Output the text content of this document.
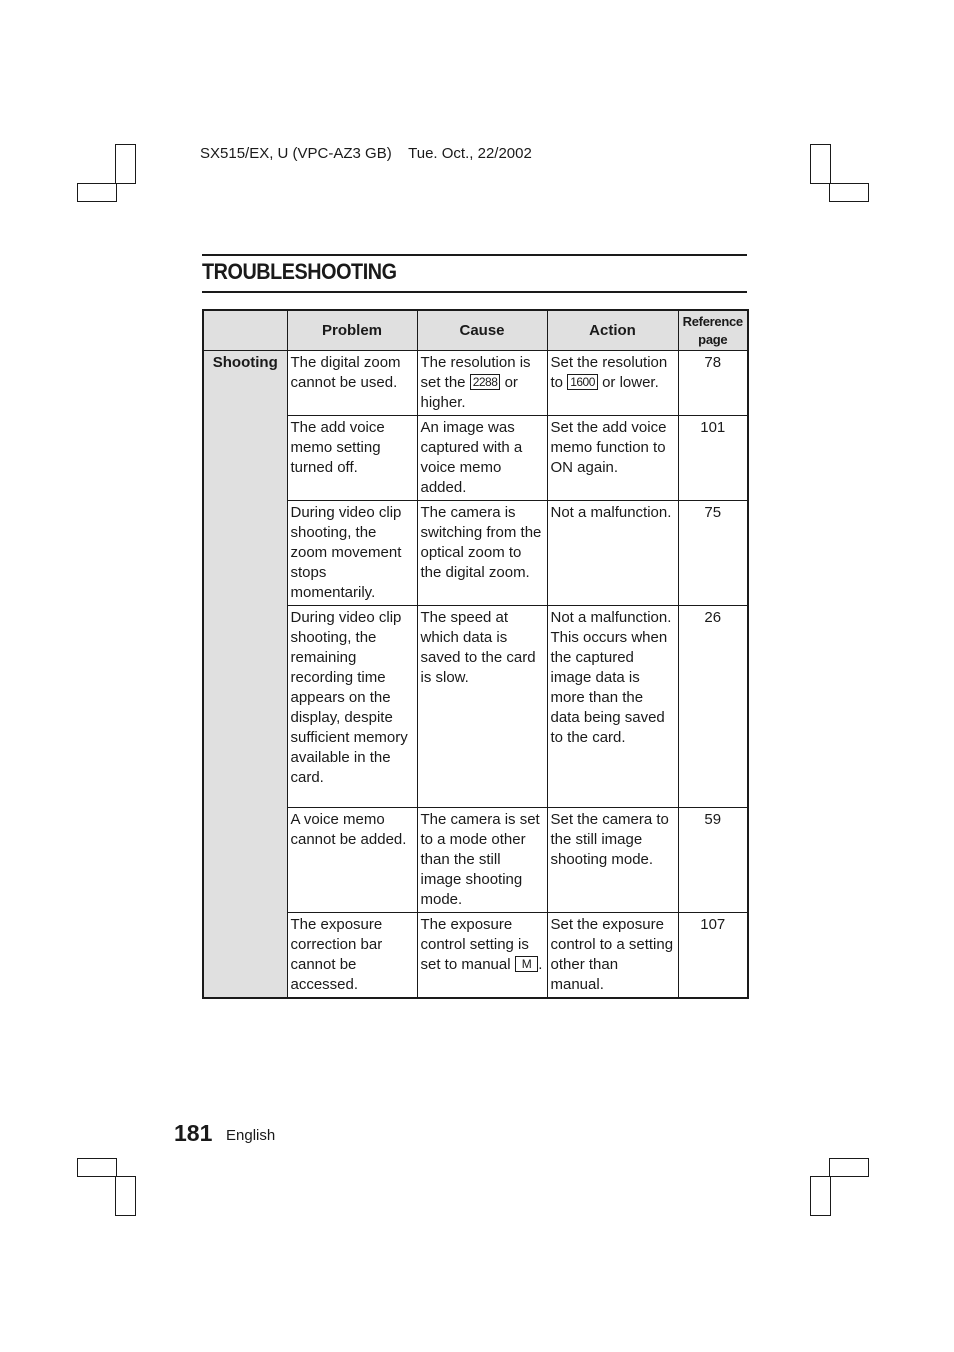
SX515/EX, U (VPC-AZ3 GB) Tue. Oct., 22/2002
TROUBLESHOOTING
	Problem	Cause	Action	Reference
page
Shooting	The digital zoom cannot be used.	The resolution is set the 2288 or higher.	Set the resolution to 1600 or lower.	78
	The add voice memo setting turned off.	An image was captured with a voice memo added.	Set the add voice memo function to ON again.	101
	During video clip shooting, the zoom movement stops momentarily.	The camera is switching from the optical zoom to the digital zoom.	Not a malfunction.	75
	During video clip shooting, the remaining recording time appears on the display, despite sufficient memory available in the card.	The speed at which data is saved to the card is slow.	Not a malfunction. This occurs when the captured image data is more than the data being saved to the card.	26
	A voice memo cannot be added.	The camera is set to a mode other than the still image shooting mode.	Set the camera to the still image shooting mode.	59
	The exposure correction bar cannot be accessed.	The exposure control setting is set to manual M .	Set the exposure control to a setting other than manual.	107
181 English
